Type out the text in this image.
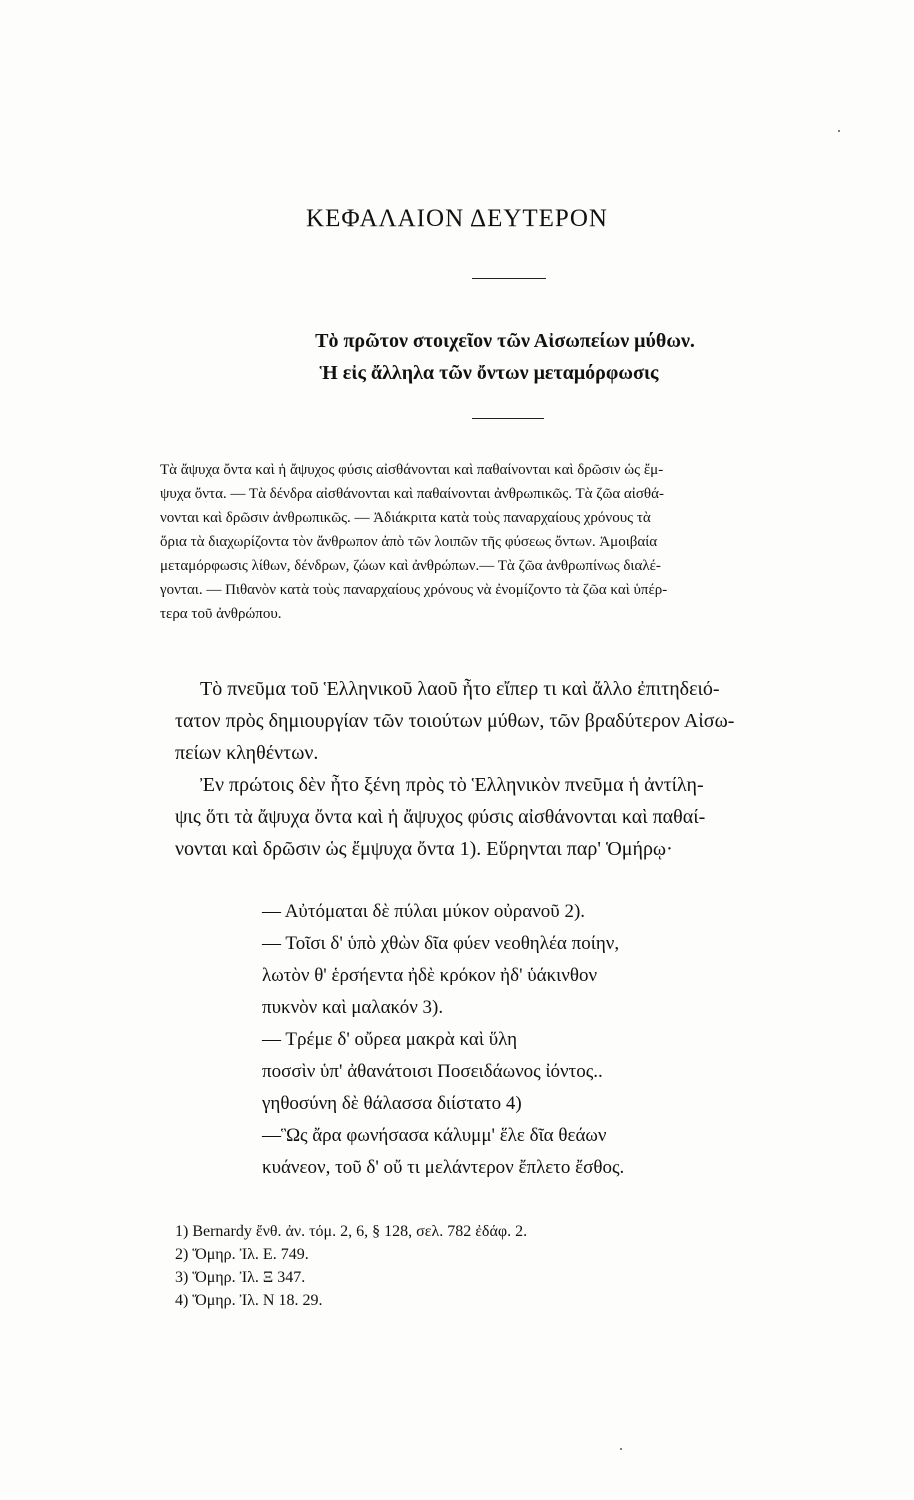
ΚΕΦΑΛΑΙΟΝ ΔΕΥΤΕΡΟΝ
Τὸ πρῶτον στοιχεῖον τῶν Αἰσωπείων μύθων.
Ἡ εἰς ἄλληλα τῶν ὄντων μεταμόρφωσις
Τὰ ἄψυχα ὄντα καὶ ἡ ἄψυχος φύσις αἰσθάνονται καὶ παθαίνονται καὶ δρῶσιν ὡς ἔμ-
ψυχα ὄντα. — Τὰ δένδρα αἰσθάνονται καὶ παθαίνονται ἀνθρωπικῶς. Τὰ ζῶα αἰσθά-
νονται καὶ δρῶσιν ἀνθρωπικῶς. — Ἀδιάκριτα κατὰ τοὺς παναρχαίους χρόνους τὰ
ὅρια τὰ διαχωρίζοντα τὸν ἄνθρωπον ἀπὸ τῶν λοιπῶν τῆς φύσεως ὄντων. Ἀμοιβαία
μεταμόρφωσις λίθων, δένδρων, ζώων καὶ ἀνθρώπων.— Τὰ ζῶα ἀνθρωπίνως διαλέ-
γονται. — Πιθανὸν κατὰ τοὺς παναρχαίους χρόνους νὰ ἐνομίζοντο τὰ ζῶα καὶ ὑπέρ-
τερα τοῦ ἀνθρώπου.
Τὸ πνεῦμα τοῦ Ἑλληνικοῦ λαοῦ ἦτο εἴπερ τι καὶ ἄλλο ἐπιτηδειό-
τατον πρὸς δημιουργίαν τῶν τοιούτων μύθων, τῶν βραδύτερον Αἰσω-
πείων κληθέντων.
Ἐν πρώτοις δὲν ἦτο ξένη πρὸς τὸ Ἑλληνικὸν πνεῦμα ἡ ἀντίλη-
ψις ὅτι τὰ ἄψυχα ὄντα καὶ ἡ ἄψυχος φύσις αἰσθάνονται καὶ παθαί-
νονται καὶ δρῶσιν ὡς ἔμψυχα ὄντα 1). Εὕρηνται παρ' Ὁμήρῳ·
— Αὐτόμαται δὲ πύλαι μύκον οὐρανοῦ 2).
— Τοῖσι δ' ὑπὸ χθὼν δῖα φύεν νεοθηλέα ποίην,
λωτὸν θ' ἑρσήεντα ἠδὲ κρόκον ἠδ' ὑάκινθον
πυκνὸν καὶ μαλακόν 3).
— Τρέμε δ' οὔρεα μακρὰ καὶ ὕλη
ποσσὶν ὑπ' ἀθανάτοισι Ποσειδάωνος ἰόντος..
γηθοσύνη δὲ θάλασσα διίστατο 4)
—Ὣς ἄρα φωνήσασα κάλυμμ' ἕλε δῖα θεάων
κυάνεον, τοῦ δ' οὔ τι μελάντερον ἔπλετο ἔσθος.
1) Bernardy ἔνθ. ἀν. τόμ. 2, 6, § 128, σελ. 782 ἐδάφ. 2.
2) Ὅμηρ. Ἰλ. Ε. 749.
3) Ὅμηρ. Ἰλ. Ξ 347.
4) Ὅμηρ. Ἰλ. Ν 18. 29.
